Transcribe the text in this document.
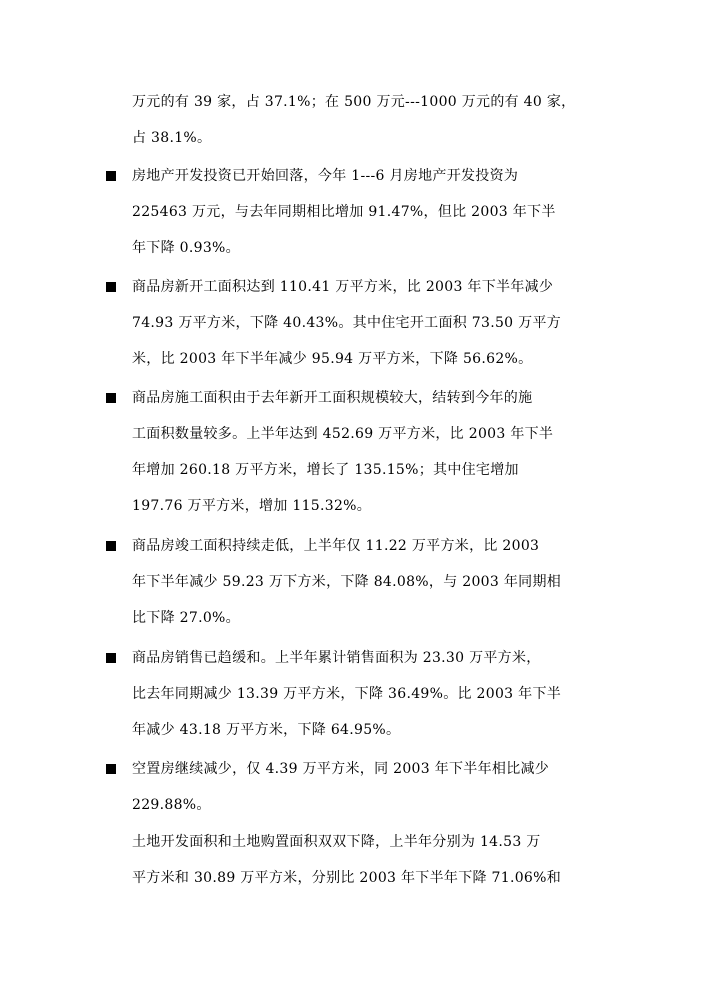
万元的有 39 家，占 37.1%；在 500 万元---1000 万元的有 40 家，
占 38.1%。
房地产开发投资已开始回落，今年 1---6 月房地产开发投资为
225463 万元，与去年同期相比增加 91.47%，但比 2003 年下半
年下降 0.93%。
商品房新开工面积达到 110.41 万平方米，比 2003 年下半年减少
74.93 万平方米，下降 40.43%。其中住宅开工面积 73.50 万平方
米，比 2003 年下半年减少 95.94 万平方米，下降 56.62%。
商品房施工面积由于去年新开工面积规模较大，结转到今年的施
工面积数量较多。上半年达到 452.69 万平方米，比 2003 年下半
年增加 260.18 万平方米，增长了 135.15%；其中住宅增加
197.76 万平方米，增加 115.32%。
商品房竣工面积持续走低，上半年仅 11.22 万平方米，比 2003
年下半年减少 59.23 万下方米，下降 84.08%，与 2003 年同期相
比下降 27.0%。
商品房销售已趋缓和。上半年累计销售面积为 23.30 万平方米，
比去年同期减少 13.39 万平方米，下降 36.49%。比 2003 年下半
年减少 43.18 万平方米，下降 64.95%。
空置房继续减少，仅 4.39 万平方米，同 2003 年下半年相比减少
229.88%。
土地开发面积和土地购置面积双双下降，上半年分别为 14.53 万
平方米和 30.89 万平方米，分别比 2003 年下半年下降 71.06%和
